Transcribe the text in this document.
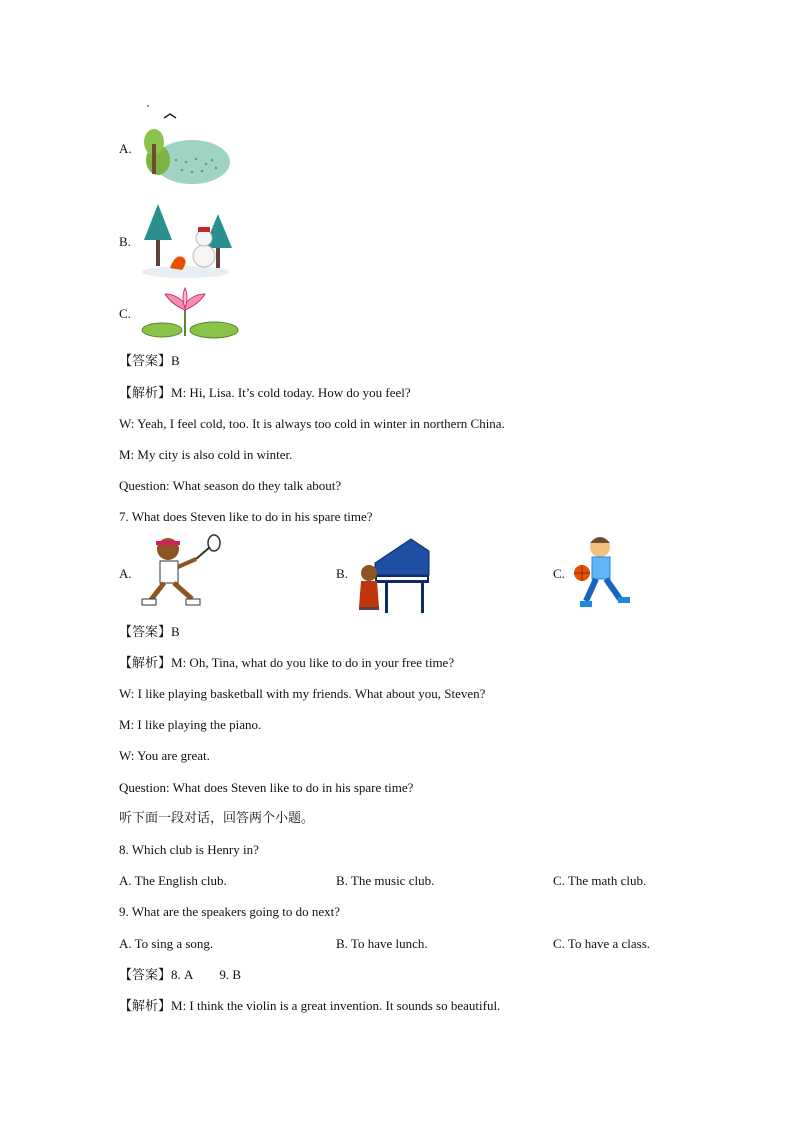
A.
B.
C.
【答案】B
【解析】M: Hi, Lisa. It’s cold today. How do you feel?
W: Yeah, I feel cold, too. It is always too cold in winter in northern China.
M: My city is also cold in winter.
Question: What season do they talk about?
7. What does Steven like to do in his spare time?
A.	B.	C.
【答案】B
【解析】M: Oh, Tina, what do you like to do in your free time?
W: I like playing basketball with my friends. What about you, Steven?
M: I like playing the piano.
W: You are great.
Question: What does Steven like to do in his spare time?
听下面一段对话，回答两个小题。
8. Which club is Henry in?
A. The English club.	B. The music club.	C. The math club.
9. What are the speakers going to do next?
A. To sing a song.	B. To have lunch.	C. To have a class.
【答案】8. A 9. B
【解析】M: I think the violin is a great invention. It sounds so beautiful.
